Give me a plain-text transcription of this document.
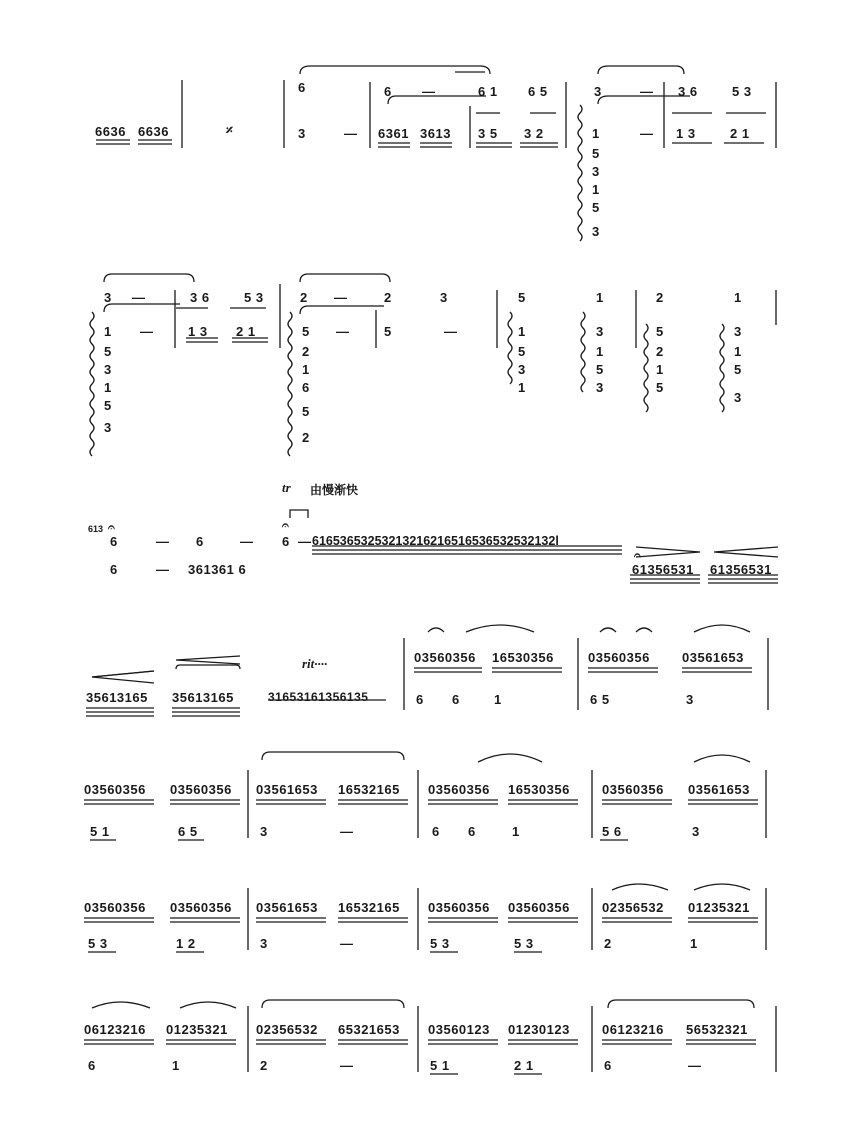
6636 6636	𝄎
6	6 —	6 1 6 5	3	— 3 6	5 3
3	— 6361 3613 3 5 3 2	1	— 1 3	2 1
5
3
1
5
3
3 —	3 6	5 3	2 —	2	3	5	1	2	1
1 —	1 3 2 1	5 —	5	—	1	3	5	3
5
3
1
5
3
2
1
6
5
2
5
3
1
1
5
3
2
1
5
1
5
3
tr 由慢渐快
613
6	— 6	— 6 — 61653653253213216216516536532532132l
6	— 361361 6	61356531 61356531
𝄐	𝄐
𝄐
rit····
35613165 35613165	31653161356135
03560356 16530356	03560356 03561653
6 6	1	6 5	3
03560356 03560356 03561653 16532165 03560356 16530356 03560356 03561653
5 1	6 5	3	—	6 6	1	5 6	3
03560356 03560356 03561653 16532165 03560356 03560356 02356532 01235321
5 3	1 2	3	—	5 3	5 3	2	1
06123216 01235321 02356532 65321653 03560123 01230123 06123216 56532321
6	1	2	—	5 1	2 1	6	—
